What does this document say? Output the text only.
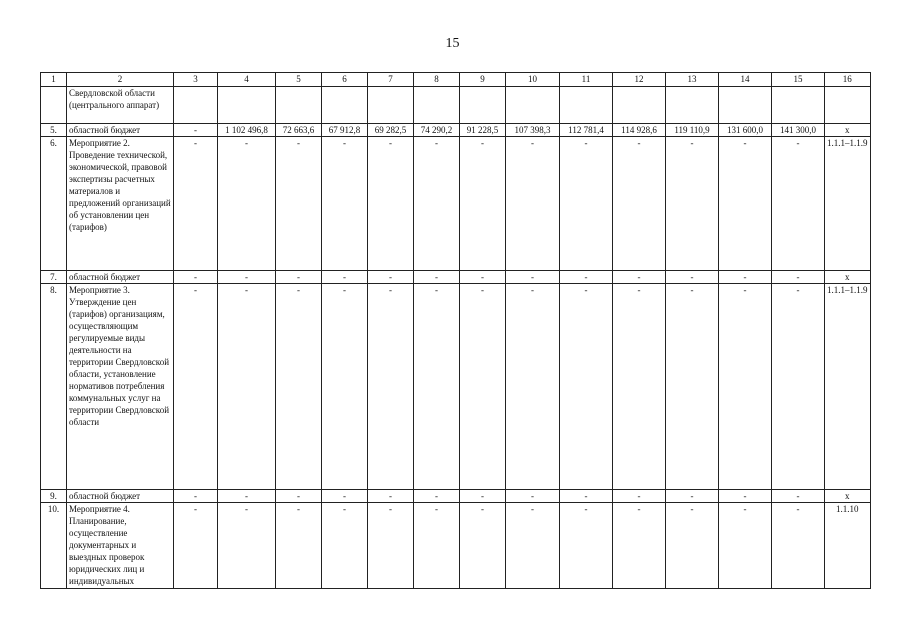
15
1	2	3	4	5	6	7	8	9	10	11	12	13	14	15	16
	Свердловской области (центрального аппарат)														
5.	областной бюджет	-	1 102 496,8	72 663,6	67 912,8	69 282,5	74 290,2	91 228,5	107 398,3	112 781,4	114 928,6	119 110,9	131 600,0	141 300,0	x
6.	Мероприятие 2. Проведение технической, экономической, правовой экспертизы расчетных материалов и предложений организаций об установлении цен (тарифов)	-	-	-	-	-	-	-	-	-	-	-	-	-	1.1.1–1.1.9
7.	областной бюджет	-	-	-	-	-	-	-	-	-	-	-	-	-	x
8.	Мероприятие 3. Утверждение цен (тарифов) организациям, осуществляющим регулируемые виды деятельности на территории Свердловской области, установление нормативов потребления коммунальных услуг на территории Свердловской области	-	-	-	-	-	-	-	-	-	-	-	-	-	1.1.1–1.1.9
9.	областной бюджет	-	-	-	-	-	-	-	-	-	-	-	-	-	x
10.	Мероприятие 4. Планирование, осуществление документарных и выездных проверок юридических лиц и индивидуальных	-	-	-	-	-	-	-	-	-	-	-	-	-	1.1.10
